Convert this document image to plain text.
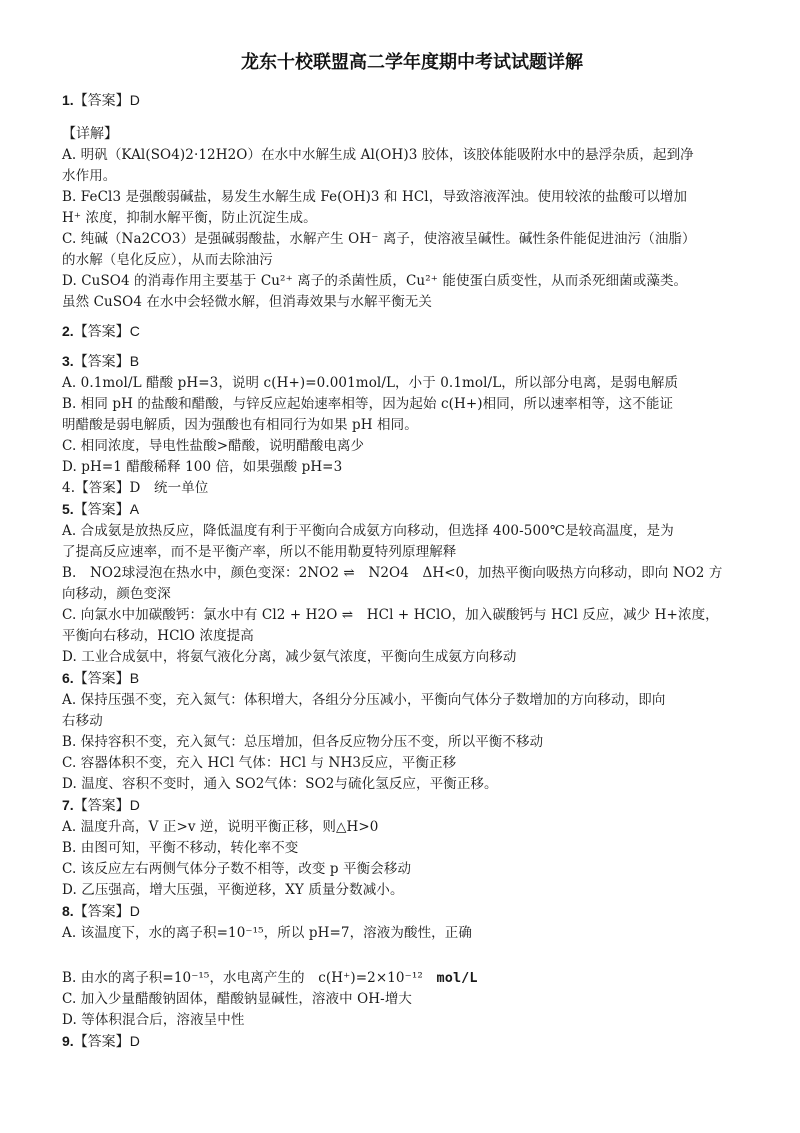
龙东十校联盟高二学年度期中考试试题详解

1.【答案】D

【详解】

A. 明矾（KAl(SO4)2·12H2O）在水中水解生成 Al(OH)3 胶体，该胶体能吸附水中的悬浮杂质，起到净

水作用。

B. FeCl3 是强酸弱碱盐，易发生水解生成 Fe(OH)3 和 HCl，导致溶液浑浊。使用较浓的盐酸可以增加

H⁺ 浓度，抑制水解平衡，防止沉淀生成。

C. 纯碱（Na2CO3）是强碱弱酸盐，水解产生 OH⁻ 离子，使溶液呈碱性。碱性条件能促进油污（油脂）

的水解（皂化反应），从而去除油污

D. CuSO4 的消毒作用主要基于 Cu²⁺ 离子的杀菌性质，Cu²⁺ 能使蛋白质变性，从而杀死细菌或藻类。

虽然 CuSO4 在水中会轻微水解，但消毒效果与水解平衡无关

2.【答案】C

3.【答案】B

A. 0.1mol/L 醋酸 pH=3，说明 c(H+)=0.001mol/L，小于 0.1mol/L，所以部分电离，是弱电解质

B. 相同 pH 的盐酸和醋酸，与锌反应起始速率相等，因为起始 c(H+)相同，所以速率相等，这不能证

明醋酸是弱电解质，因为强酸也有相同行为如果 pH 相同。

C. 相同浓度，导电性盐酸>醋酸，说明醋酸电离少

D. pH=1 醋酸稀释 100 倍，如果强酸 pH=3

4.【答案】D　统一单位

5.【答案】A

A. 合成氨是放热反应，降低温度有利于平衡向合成氨方向移动，但选择 400-500℃是较高温度，是为

了提高反应速率，而不是平衡产率，所以不能用勒夏特列原理解释

B.　NO2球浸泡在热水中，颜色变深：2NO2 ⇌　N2O4　ΔH<0，加热平衡向吸热方向移动，即向 NO2 方

向移动，颜色变深

C. 向氯水中加碳酸钙：氯水中有 Cl2 + H2O ⇌　HCl + HClO，加入碳酸钙与 HCl 反应，减少 H+浓度，

平衡向右移动，HClO 浓度提高

D. 工业合成氨中，将氨气液化分离，减少氨气浓度，平衡向生成氨方向移动

6.【答案】B

A. 保持压强不变，充入氮气：体积增大，各组分分压减小，平衡向气体分子数增加的方向移动，即向

右移动

B. 保持容积不变，充入氮气：总压增加，但各反应物分压不变，所以平衡不移动

C. 容器体积不变，充入 HCl 气体：HCl 与 NH3反应，平衡正移

D. 温度、容积不变时，通入 SO2气体：SO2与硫化氢反应，平衡正移。

7.【答案】D

A. 温度升高，V 正>v 逆，说明平衡正移，则△H>0

B. 由图可知，平衡不移动，转化率不变

C. 该反应左右两侧气体分子数不相等，改变 p 平衡会移动

D. 乙压强高，增大压强，平衡逆移，XY 质量分数减小。

8.【答案】D

A. 该温度下，水的离子积=10⁻¹⁵，所以 pH=7，溶液为酸性，正确

B. 由水的离子积=10⁻¹⁵，水电离产生的　c(H⁺)=2×10⁻¹²　 mol/L

C. 加入少量醋酸钠固体，醋酸钠显碱性，溶液中 OH-增大

D. 等体积混合后，溶液呈中性

9.【答案】D
